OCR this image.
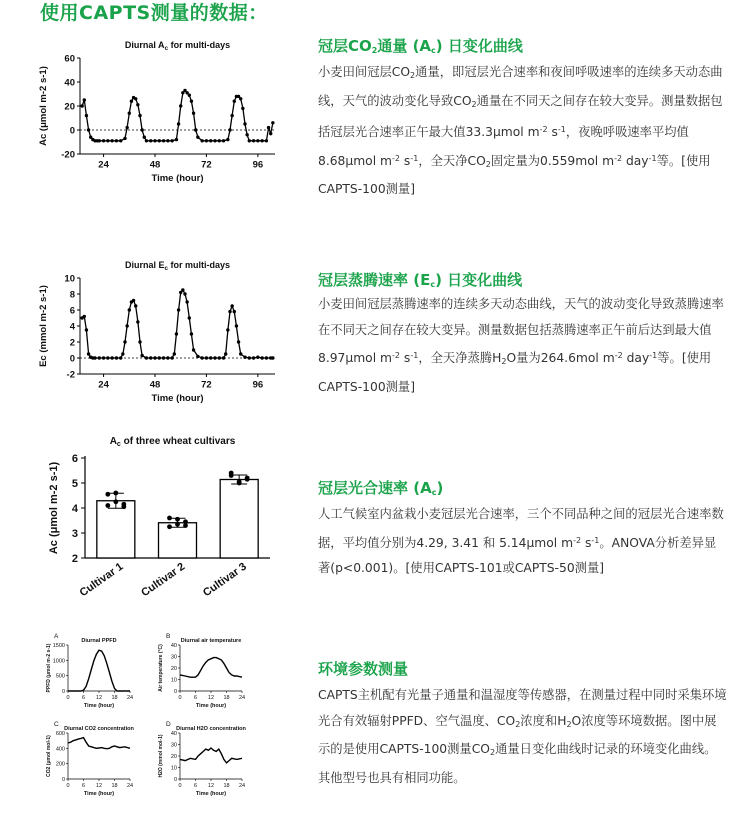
使用CAPTS测量的数据：
Diurnal $A_c$ for multi-days
-20
0
20
40
60
24	48	72	96
Time (hour)
Ac (μmol m-2 s-1)
Diurnal $E_c$ for multi-days
-2
0
2
4
6
8
10
24	48	72	96
Time (hour)
Ec (mmol m-2 s-1)
$A_c$ of three wheat cultivars
2
3
4
5
6
Ac (μmol m-2 s-1)
Cultivar 1 Cultivar 2 Cultivar 3
A
Diurnal PPFD
0
500
1000
1500
0 6 12 18 24
Time (hour)
PPFD (μmol m-2 s-1)
B
Diurnal air temperature
0
10
20
30
40
0 6 12 18 24
Time (hour)
Air temperature (°C)
C
Diurnal CO2 concentration
0
200
400
600
0 6 12 18 24
Time (hour)
CO2 (μmol mol-1)
D
Diurnal H2O concentration
0
10
20
30
40
0 6 12 18 24
Time (hour)
H2O (mmol mol-1)
冠层$CO_2$通量 $(A_c)$ 日变化曲线
小麦田间冠层$CO_2$通量，即冠层光合速率和夜间呼吸速率的连续多天动态曲线，天气的波动变化导致$CO_2$通量在不同天之间存在较大变异。测量数据包括冠层光合速率正午最大值33.3μmol $m^{-2}$ $s^{-1}$，夜晚呼吸速率平均值8.68μmol $m^{-2}$ $s^{-1}$，全天净$CO_2$固定量为0.559mol $m^{-2}$ day$^{-1}$等。[使用CAPTS-100测量]
冠层蒸腾速率 $(E_c)$ 日变化曲线
小麦田间冠层蒸腾速率的连续多天动态曲线，天气的波动变化导致蒸腾速率在不同天之间存在较大变异。测量数据包括蒸腾速率正午前后达到最大值8.97μmol $m^{-2}$ $s^{-1}$，全天净蒸腾$H_2O$量为264.6mol $m^{-2}$ day$^{-1}$等。[使用CAPTS-100测量]
冠层光合速率 $(A_c)$
人工气候室内盆栽小麦冠层光合速率，三个不同品种之间的冠层光合速率数据，平均值分别为4.29, 3.41 和 5.14μmol $m^{-2}$ $s^{-1}$。ANOVA分析差异显著(p<0.001)。[使用CAPTS-101或CAPTS-50测量]
环境参数测量
CAPTS主机配有光量子通量和温湿度等传感器，在测量过程中同时采集环境光合有效辐射PPFD、空气温度、$CO_2$浓度和$H_2O$浓度等环境数据。图中展示的是使用CAPTS-100测量$CO_2$通量日变化曲线时记录的环境变化曲线。其他型号也具有相同功能。
